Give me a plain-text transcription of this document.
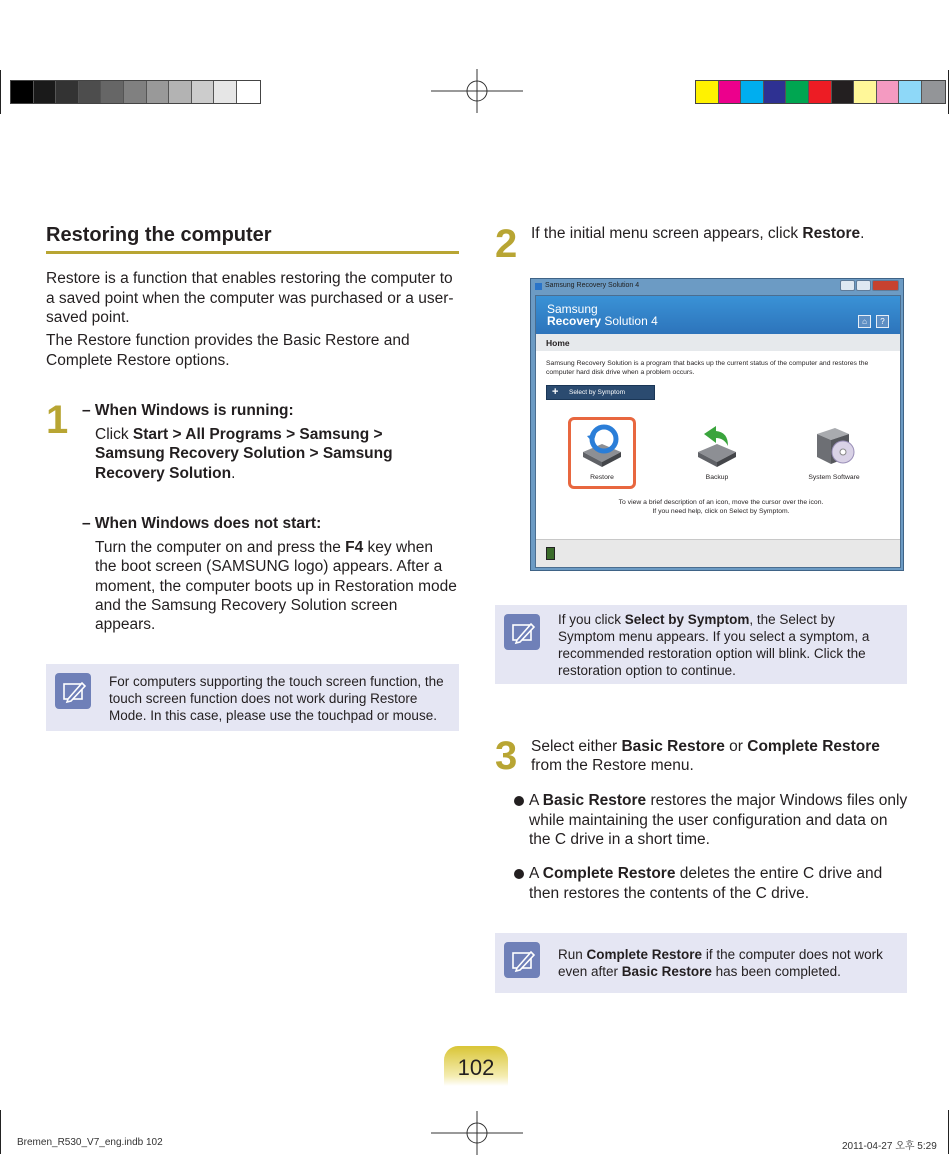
Restoring the computer
Restore is a function that enables restoring the computer to a saved point when the computer was purchased or a user-saved point.
The Restore function provides the Basic Restore and Complete Restore options.
1 – When Windows is running:
Click Start > All Programs > Samsung > Samsung Recovery Solution > Samsung Recovery Solution.
– When Windows does not start:
Turn the computer on and press the F4 key when the boot screen (SAMSUNG logo) appears. After a moment, the computer boots up in Restoration mode and the Samsung Recovery Solution screen appears.
For computers supporting the touch screen function, the touch screen function does not work during Restore Mode. In this case, please use the touchpad or mouse.
2 If the initial menu screen appears, click Restore.
Samsung Recovery Solution 4
Samsung
Recovery Solution 4	⌂	?
Home
Samsung Recovery Solution is a program that backs up the current status of the computer and restores the computer hard disk drive when a problem occurs.
+ Select by Symptom
Restore	Backup	System Software
To view a brief description of an icon, move the cursor over the icon.
If you need help, click on Select by Symptom.
If you click Select by Symptom, the Select by Symptom menu appears. If you select a symptom, a recommended restoration option will blink. Click the restoration option to continue.
3 Select either Basic Restore or Complete Restore from the Restore menu.
A Basic Restore restores the major Windows files only while maintaining the user configuration and data on the C drive in a short time.
A Complete Restore deletes the entire C drive and then restores the contents of the C drive.
Run Complete Restore if the computer does not work even after Basic Restore has been completed.
102
Bremen_R530_V7_eng.indb 102	2011-04-27 오후 5:29
